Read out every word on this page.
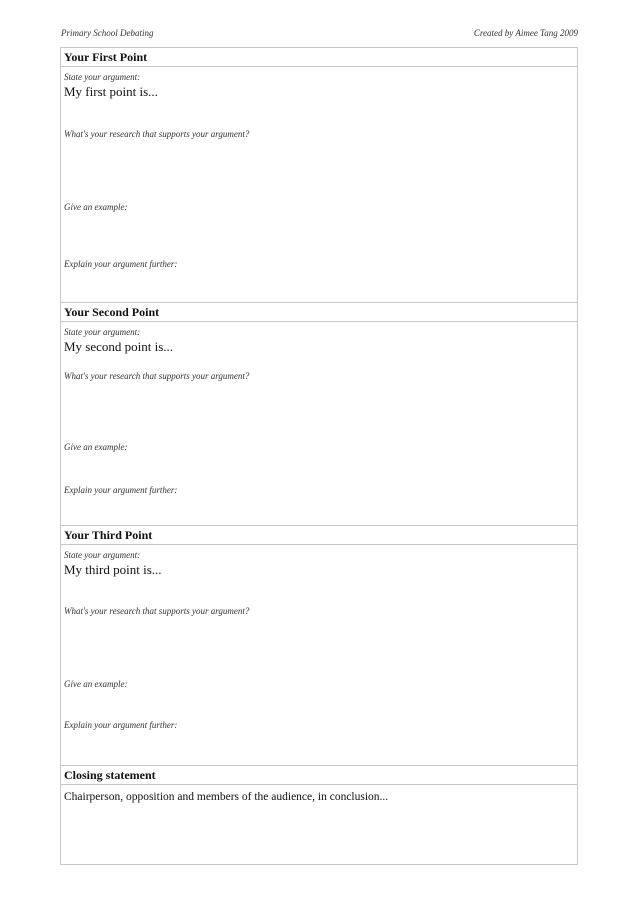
Primary School Debating	Created by Aimee Tang 2009
Your First Point
State your argument:
My first point is...
What's your research that supports your argument?
Give an example:
Explain your argument further:
Your Second Point
State your argument:
My second point is...
What's your research that supports your argument?
Give an example:
Explain your argument further:
Your Third Point
State your argument:
My third point is...
What's your research that supports your argument?
Give an example:
Explain your argument further:
Closing statement
Chairperson, opposition and members of the audience, in conclusion...
